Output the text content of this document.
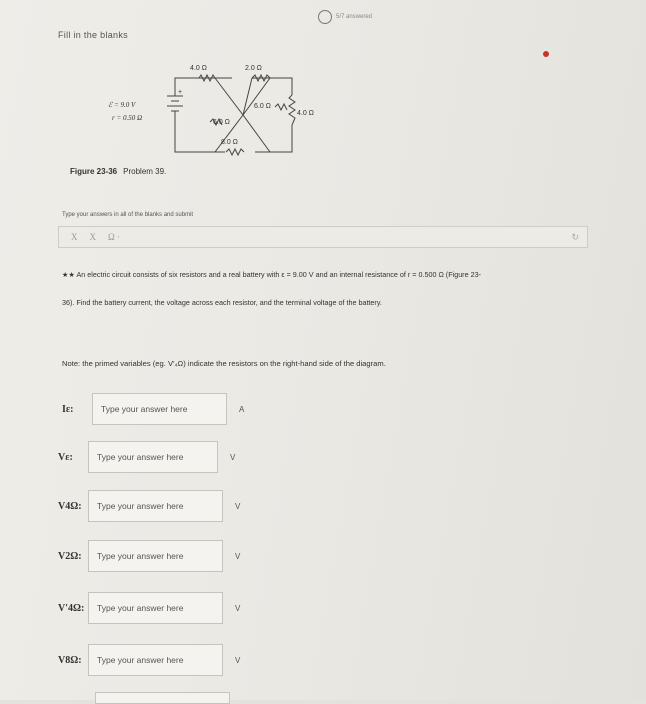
Fill in the blanks
5/7 answered
4.0 Ω	2.0 Ω
6.0 Ω
6.0 Ω
8.0 Ω
4.0 Ω
ℰ = 9.0 V
r = 0.50 Ω
+
Figure 23-36 Problem 39.
Type your answers in all of the blanks and submit
X X Ω ·	↻

★★ An electric circuit consists of six resistors and a real battery with ε = 9.00 V and an internal resistance of r = 0.500 Ω (Figure 23-

36). Find the battery current, the voltage across each resistor, and the terminal voltage of the battery.

Note: the primed variables (eg. V′₄Ω) indicate the resistors on the right-hand side of the diagram.
Iε:	Type your answer here	A
Vε:	Type your answer here	V
V4Ω:	Type your answer here	V
V2Ω:	Type your answer here	V
V′4Ω:	Type your answer here	V
V8Ω:	Type your answer here	V
